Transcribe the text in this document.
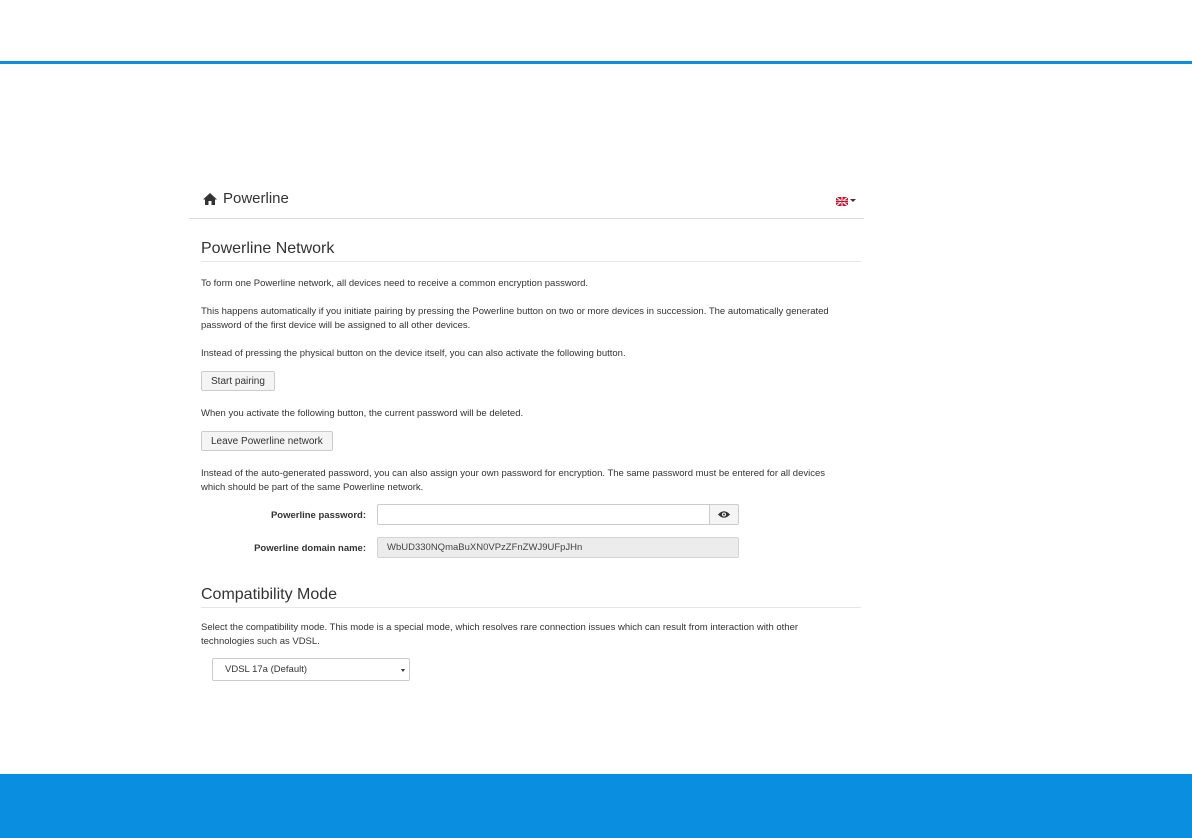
Powerline
Powerline Network
To form one Powerline network, all devices need to receive a common encryption password.
This happens automatically if you initiate pairing by pressing the Powerline button on two or more devices in succession. The automatically generated password of the first device will be assigned to all other devices.
Instead of pressing the physical button on the device itself, you can also activate the following button.
Start pairing
When you activate the following button, the current password will be deleted.
Leave Powerline network
Instead of the auto-generated password, you can also assign your own password for encryption. The same password must be entered for all devices which should be part of the same Powerline network.
Powerline password:
Powerline domain name:	WbUD330NQmaBuXN0VPzZFnZWJ9UFpJHn
Compatibility Mode
Select the compatibility mode. This mode is a special mode, which resolves rare connection issues which can result from interaction with other technologies such as VDSL.
VDSL 17a (Default)
